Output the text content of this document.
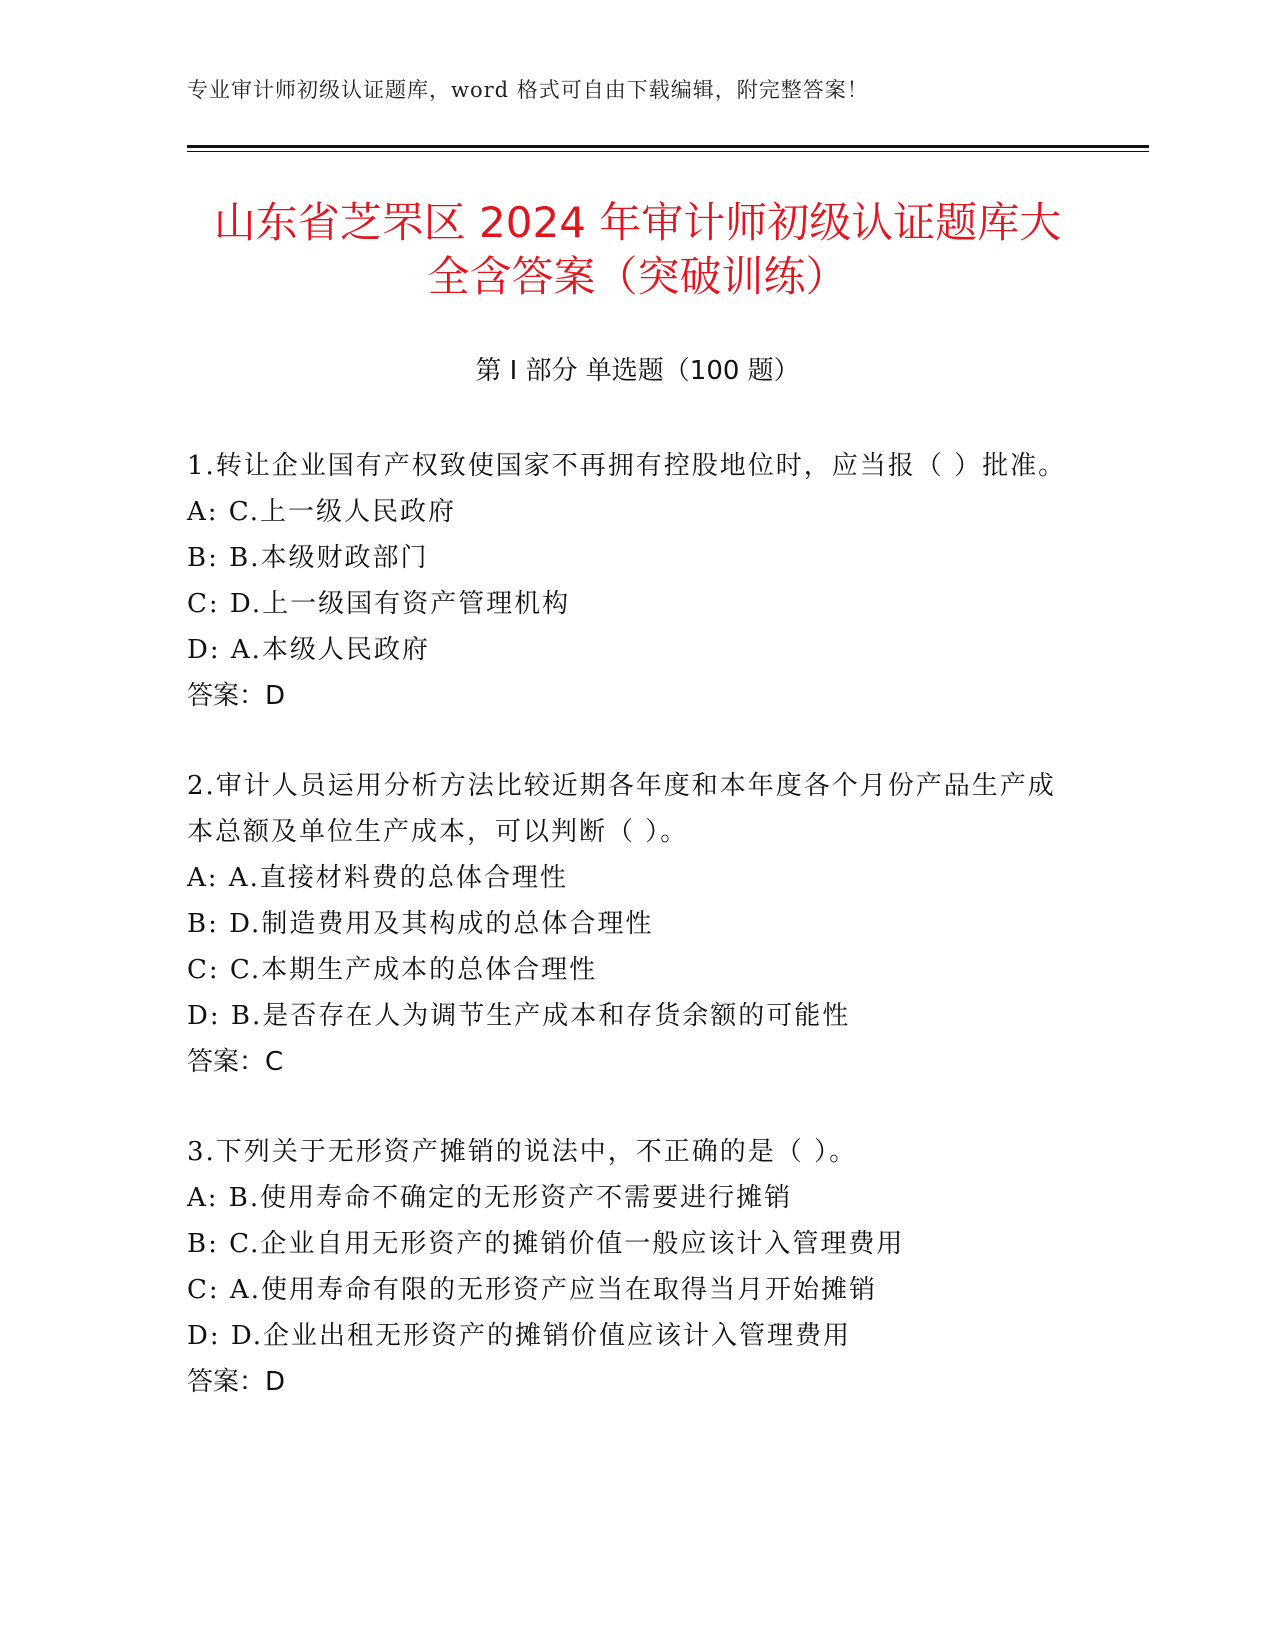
专业审计师初级认证题库，word 格式可自由下载编辑，附完整答案！
山东省芝罘区 2024 年审计师初级认证题库大
全含答案（突破训练）
第 I 部分 单选题（100 题）

1.转让企业国有产权致使国家不再拥有控股地位时，应当报（ ）批准。

A: C.上一级人民政府

B: B.本级财政部门

C: D.上一级国有资产管理机构

D: A.本级人民政府

答案：D

2.审计人员运用分析方法比较近期各年度和本年度各个月份产品生产成本总额及单位生产成本，可以判断（ ）。

A: A.直接材料费的总体合理性

B: D.制造费用及其构成的总体合理性

C: C.本期生产成本的总体合理性

D: B.是否存在人为调节生产成本和存货余额的可能性

答案：C

3.下列关于无形资产摊销的说法中，不正确的是（ ）。

A: B.使用寿命不确定的无形资产不需要进行摊销

B: C.企业自用无形资产的摊销价值一般应该计入管理费用

C: A.使用寿命有限的无形资产应当在取得当月开始摊销

D: D.企业出租无形资产的摊销价值应该计入管理费用

答案：D
